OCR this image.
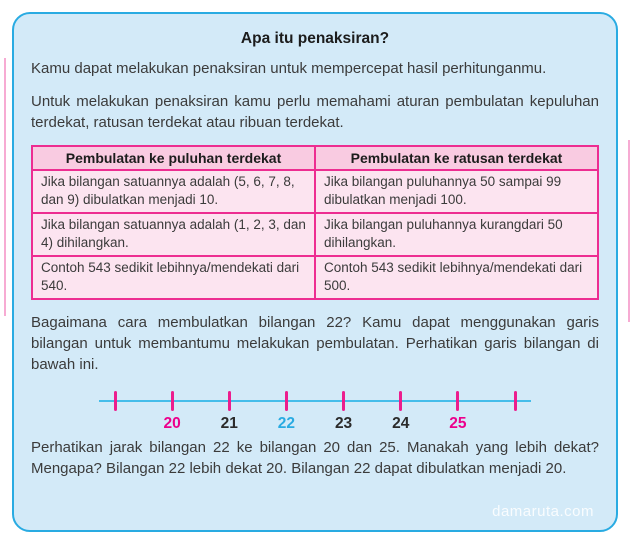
Apa itu penaksiran?

Kamu dapat melakukan penaksiran untuk mempercepat hasil perhitunganmu.

Untuk melakukan penaksiran kamu perlu memahami aturan pembulatan kepuluhan terdekat, ratusan terdekat atau ribuan terdekat.

Pembulatan ke puluhan terdekat	Pembulatan ke ratusan terdekat
Jika bilangan satuannya adalah (5, 6, 7, 8, dan 9) dibulatkan menjadi 10.	Jika bilangan puluhannya 50 sampai 99 dibulatkan menjadi 100.
Jika bilangan satuannya adalah (1, 2, 3, dan 4) dihilangkan.	Jika bilangan puluhannya kurangdari 50 dihilangkan.
Contoh 543 sedikit lebihnya/mendekati dari 540.	Contoh 543 sedikit lebihnya/mendekati dari 500.

Bagaimana cara membulatkan bilangan 22? Kamu dapat menggunakan garis bilangan untuk membantumu melakukan pembulatan. Perhatikan garis bilangan di bawah ini.

20	21	22	23	24	25

Perhatikan jarak bilangan 22 ke bilangan 20 dan 25. Manakah yang lebih dekat? Mengapa? Bilangan 22 lebih dekat 20. Bilangan 22 dapat dibulatkan menjadi 20.

damaruta.com
